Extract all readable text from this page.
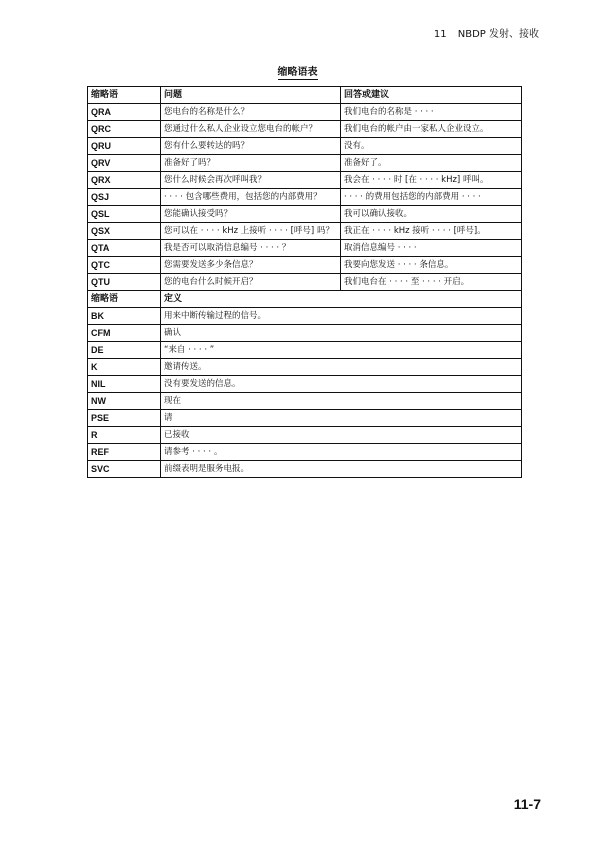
11 NBDP 发射、接收
缩略语表
缩略语	问题	回答或建议
QRA	您电台的名称是什么？	我们电台的名称是 · · · ·
QRC	您通过什么私人企业设立您电台的帐户？	我们电台的帐户由一家私人企业设立。
QRU	您有什么要转达的吗？	没有。
QRV	准备好了吗？	准备好了。
QRX	您什么时候会再次呼叫我？	我会在 · · · · 时 [在 · · · · kHz] 呼叫。
QSJ	· · · · 包含哪些费用，包括您的内部费用？	· · · · 的费用包括您的内部费用 · · · ·
QSL	您能确认接受吗？	我可以确认接收。
QSX	您可以在 · · · · kHz 上接听 · · · · [呼号] 吗？	我正在 · · · · kHz 接听 · · · · [呼号]。
QTA	我是否可以取消信息编号 · · · · ？	取消信息编号 · · · ·
QTC	您需要发送多少条信息？	我要向您发送 · · · · 条信息。
QTU	您的电台什么时候开启？	我们电台在 · · · · 至 · · · · 开启。
缩略语	定义	
BK	用来中断传输过程的信号。	
CFM	确认	
DE	“来自 · · · · ”	
K	邀请传送。	
NIL	没有要发送的信息。	
NW	现在	
PSE	请	
R	已接收	
REF	请参考 · · · · 。	
SVC	前缀表明是服务电报。	
11-7
